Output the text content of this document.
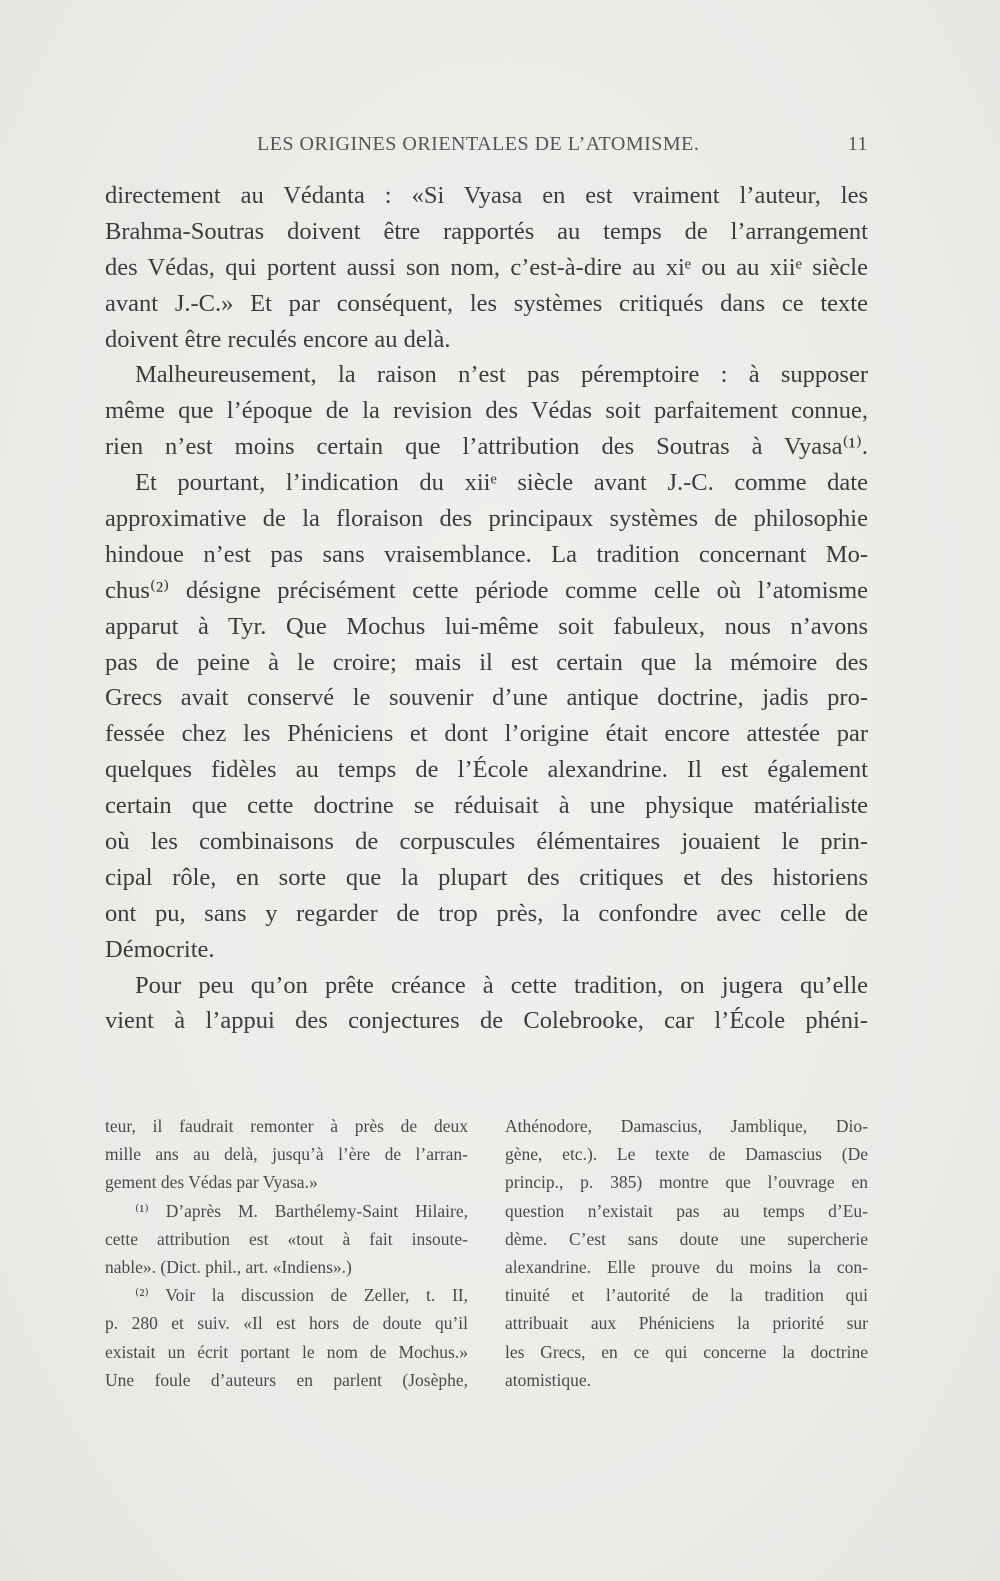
LES ORIGINES ORIENTALES DE L’ATOMISME.	11
directement au Védanta : «Si Vyasa en est vraiment l’auteur, les
Brahma-Soutras doivent être rapportés au temps de l’arrangement
des Védas, qui portent aussi son nom, c’est-à-dire au xiᵉ ou au xiiᵉ siècle
avant J.-C.» Et par conséquent, les systèmes critiqués dans ce texte
doivent être reculés encore au delà.
Malheureusement, la raison n’est pas péremptoire : à supposer
même que l’époque de la revision des Védas soit parfaitement connue,
rien n’est moins certain que l’attribution des Soutras à Vyasa⁽¹⁾.
Et pourtant, l’indication du xiiᵉ siècle avant J.-C. comme date
approximative de la floraison des principaux systèmes de philosophie
hindoue n’est pas sans vraisemblance. La tradition concernant Mo-
chus⁽²⁾ désigne précisément cette période comme celle où l’atomisme
apparut à Tyr. Que Mochus lui-même soit fabuleux, nous n’avons
pas de peine à le croire; mais il est certain que la mémoire des
Grecs avait conservé le souvenir d’une antique doctrine, jadis pro-
fessée chez les Phéniciens et dont l’origine était encore attestée par
quelques fidèles au temps de l’École alexandrine. Il est également
certain que cette doctrine se réduisait à une physique matérialiste
où les combinaisons de corpuscules élémentaires jouaient le prin-
cipal rôle, en sorte que la plupart des critiques et des historiens
ont pu, sans y regarder de trop près, la confondre avec celle de
Démocrite.
Pour peu qu’on prête créance à cette tradition, on jugera qu’elle
vient à l’appui des conjectures de Colebrooke, car l’École phéni-
teur, il faudrait remonter à près de deux
mille ans au delà, jusqu’à l’ère de l’arran-
gement des Védas par Vyasa.»
⁽¹⁾ D’après M. Barthélemy-Saint Hilaire,
cette attribution est «tout à fait insoute-
nable». (Dict. phil., art. «Indiens».)
⁽²⁾ Voir la discussion de Zeller, t. II,
p. 280 et suiv. «Il est hors de doute qu’il
existait un écrit portant le nom de Mochus.»
Une foule d’auteurs en parlent (Josèphe,
Athénodore, Damascius, Jamblique, Dio-
gène, etc.). Le texte de Damascius (De
princip., p. 385) montre que l’ouvrage en
question n’existait pas au temps d’Eu-
dème. C’est sans doute une supercherie
alexandrine. Elle prouve du moins la con-
tinuité et l’autorité de la tradition qui
attribuait aux Phéniciens la priorité sur
les Grecs, en ce qui concerne la doctrine
atomistique.
